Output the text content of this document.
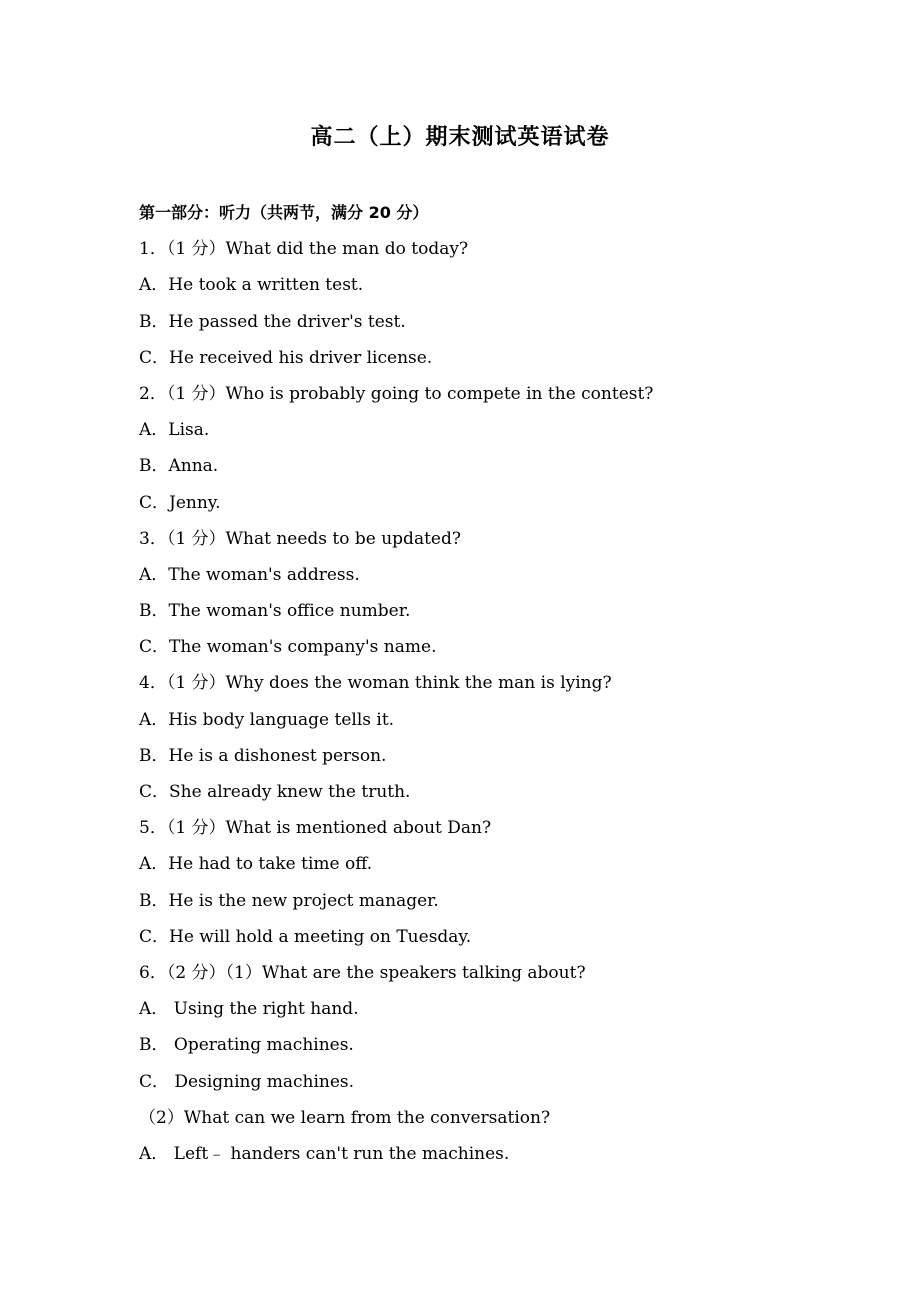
高二（上）期末测试英语试卷
第一部分：听力（共两节，满分 20 分）
1．（1 分）What did the man do today?
A．He took a written test.
B．He passed the driver's test.
C．He received his driver license.
2．（1 分）Who is probably going to compete in the contest?
A．Lisa.
B．Anna.
C．Jenny.
3．（1 分）What needs to be updated?
A．The woman's address.
B．The woman's office number.
C．The woman's company's name.
4．（1 分）Why does the woman think the man is lying?
A．His body language tells it.
B．He is a dishonest person.
C．She already knew the truth.
5．（1 分）What is mentioned about Dan?
A．He had to take time off.
B．He is the new project manager.
C．He will hold a meeting on Tuesday.
6．（2 分）（1）What are the speakers talking about?
A． Using the right hand.
B． Operating machines.
C． Designing machines.
（2）What can we learn from the conversation?
A． Left﹣ handers can't run the machines.
